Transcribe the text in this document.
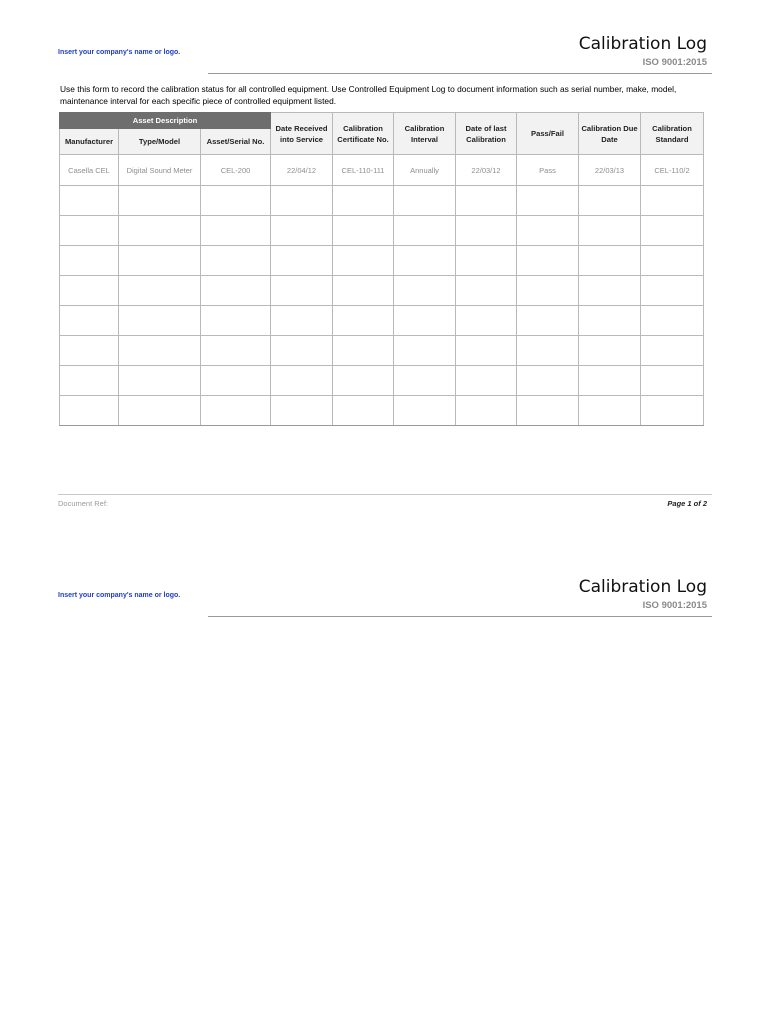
Insert your company's name or logo.	Calibration Log
ISO 9001:2015
Use this form to record the calibration status for all controlled equipment. Use Controlled Equipment Log to document information such as serial number, make, model, maintenance interval for each specific piece of controlled equipment listed.
Asset Description			Date Received into Service	Calibration Certificate No.	Calibration Interval	Date of last Calibration	Pass/Fail	Calibration Due Date	Calibration Standard
Manufacturer	Type/Model	Asset/Serial No.							
Casella CEL	Digital Sound Meter	CEL-200	22/04/12	CEL-110-111	Annually	22/03/12	Pass	22/03/13	CEL-110/2

Document Ref:	Page 1 of 2
Insert your company's name or logo.	Calibration Log
ISO 9001:2015
